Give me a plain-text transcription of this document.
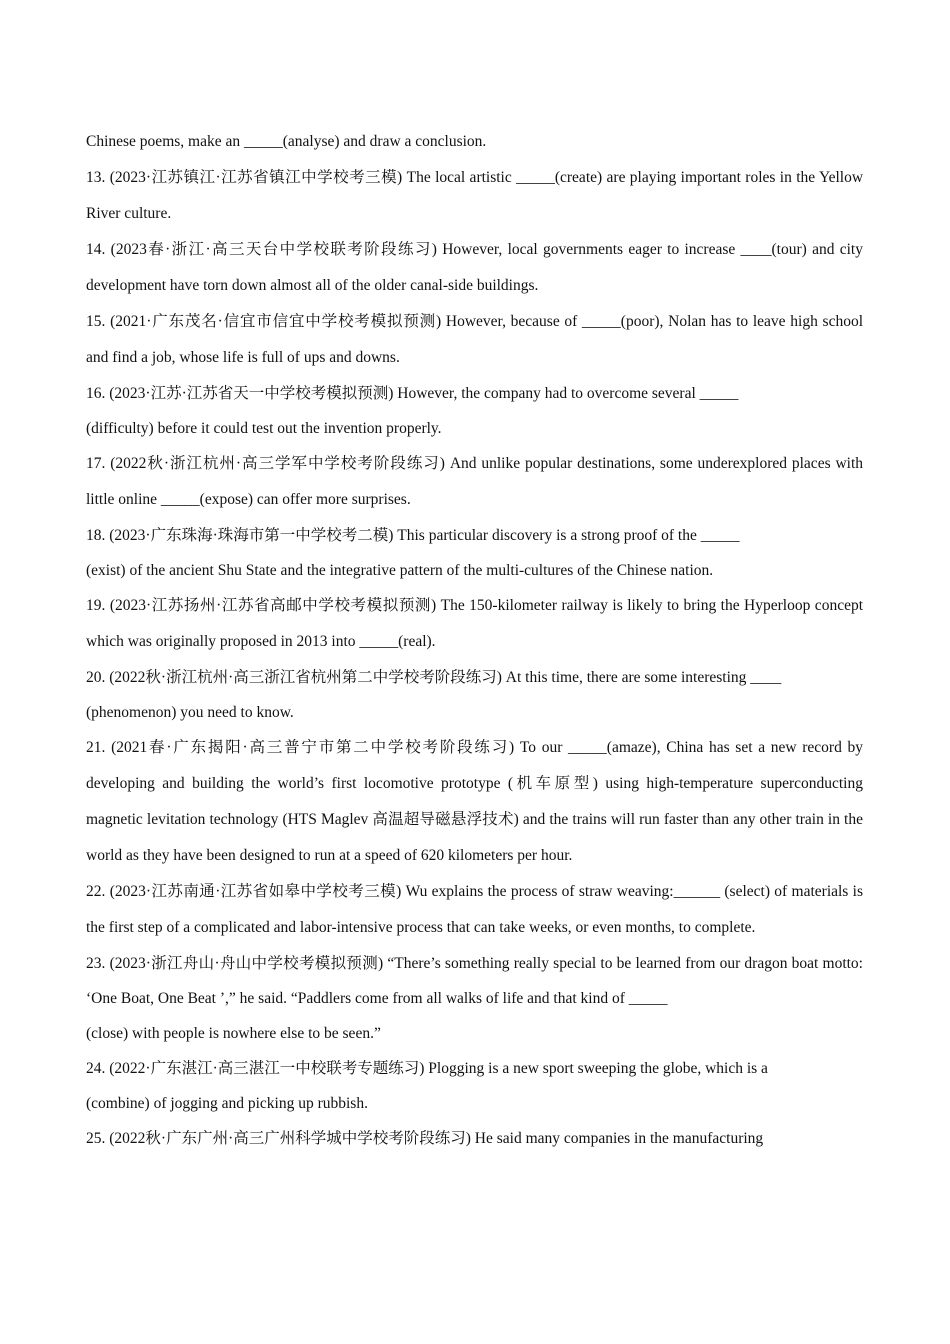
Chinese poems, make an _____(analyse) and draw a conclusion.

13. (2023·江苏镇江·江苏省镇江中学校考三模) The local artistic _____(create) are playing important roles in the Yellow River culture.

14. (2023春·浙江·高三天台中学校联考阶段练习) However, local governments eager to increase ____(tour) and city development have torn down almost all of the older canal-side buildings.

15. (2021·广东茂名·信宜市信宜中学校考模拟预测) However, because of _____(poor), Nolan has to leave high school and find a job, whose life is full of ups and downs.

16. (2023·江苏·江苏省天一中学校考模拟预测) However, the company had to overcome several _____
(difficulty) before it could test out the invention properly.

17. (2022秋·浙江杭州·高三学军中学校考阶段练习) And unlike popular destinations, some underexplored places with little online _____(expose) can offer more surprises.

18. (2023·广东珠海·珠海市第一中学校考二模) This particular discovery is a strong proof of the _____
(exist) of the ancient Shu State and the integrative pattern of the multi-cultures of the Chinese nation.

19. (2023·江苏扬州·江苏省高邮中学校考模拟预测) The 150-kilometer railway is likely to bring the Hyperloop concept which was originally proposed in 2013 into _____(real).

20. (2022秋·浙江杭州·高三浙江省杭州第二中学校考阶段练习) At this time, there are some interesting ____
(phenomenon) you need to know.

21. (2021春·广东揭阳·高三普宁市第二中学校考阶段练习) To our _____(amaze), China has set a new record by developing and building the world’s first locomotive prototype (机车原型) using high-temperature superconducting magnetic levitation technology (HTS Maglev 高温超导磁悬浮技术) and the trains will run faster than any other train in the world as they have been designed to run at a speed of 620 kilometers per hour.

22. (2023·江苏南通·江苏省如皋中学校考三模) Wu explains the process of straw weaving:______ (select) of materials is the first step of a complicated and labor-intensive process that can take weeks, or even months, to complete.

23. (2023·浙江舟山·舟山中学校考模拟预测) “There’s something really special to be learned from our dragon boat motto: ‘One Boat, One Beat ’,” he said. “Paddlers come from all walks of life and that kind of _____
(close) with people is nowhere else to be seen.”

24. (2022·广东湛江·高三湛江一中校联考专题练习) Plogging is a new sport sweeping the globe, which is a
(combine) of jogging and picking up rubbish.

25. (2022秋·广东广州·高三广州科学城中学校考阶段练习) He said many companies in the manufacturing
